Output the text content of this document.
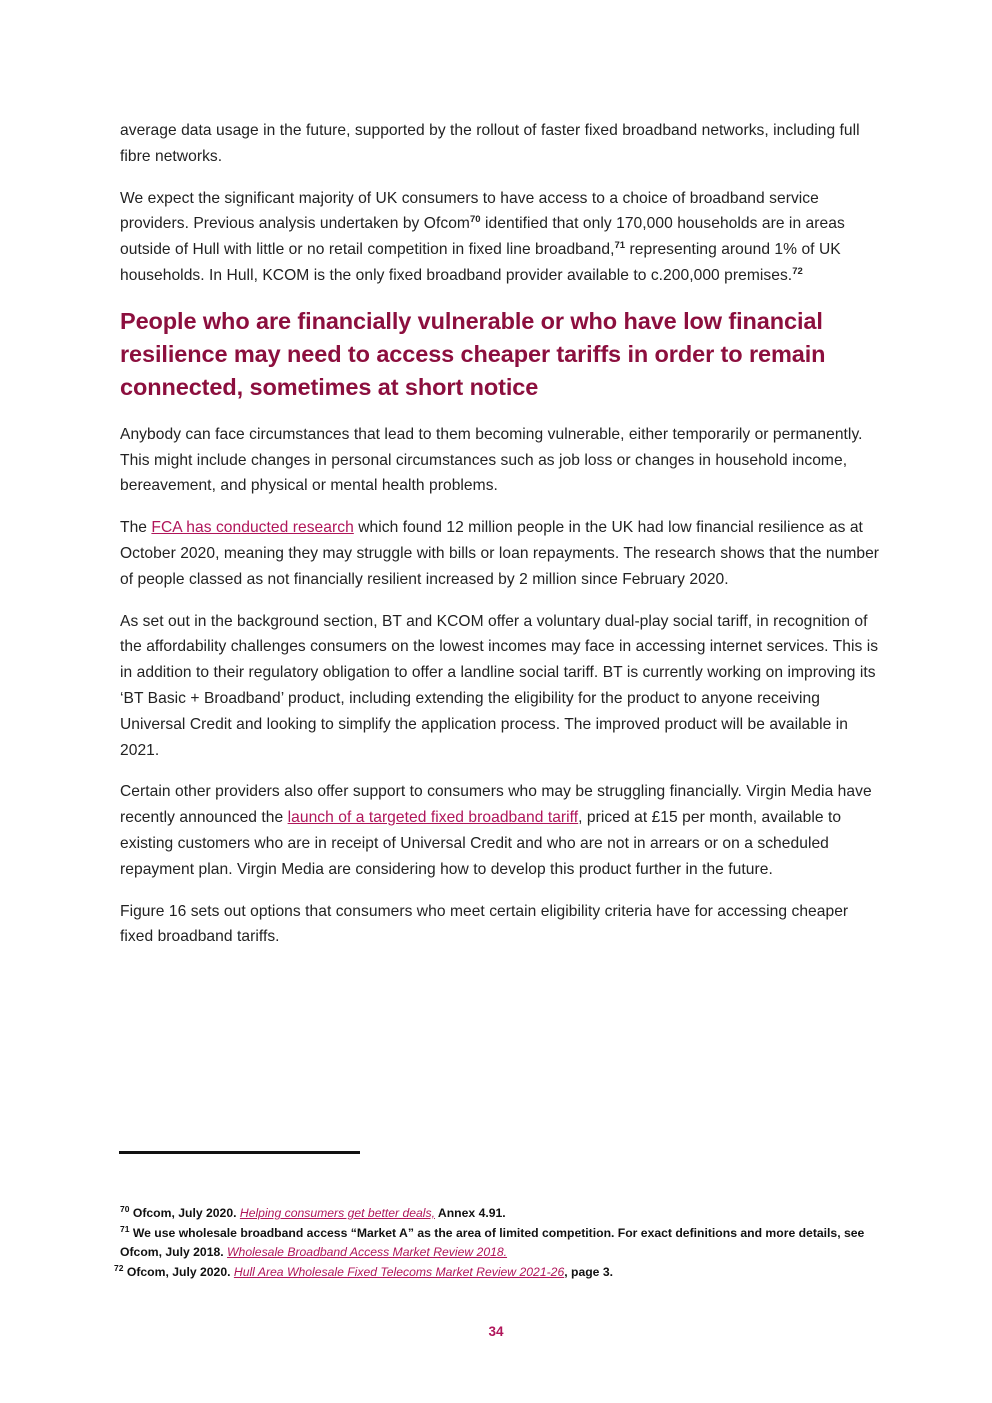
average data usage in the future, supported by the rollout of faster fixed broadband networks, including full fibre networks.

We expect the significant majority of UK consumers to have access to a choice of broadband service providers. Previous analysis undertaken by Ofcom$^{70}$ identified that only 170,000 households are in areas outside of Hull with little or no retail competition in fixed line broadband,$^{71}$ representing around 1% of UK households. In Hull, KCOM is the only fixed broadband provider available to c.200,000 premises.$^{72}$

People who are financially vulnerable or who have low financial resilience may need to access cheaper tariffs in order to remain connected, sometimes at short notice

Anybody can face circumstances that lead to them becoming vulnerable, either temporarily or permanently. This might include changes in personal circumstances such as job loss or changes in household income, bereavement, and physical or mental health problems.

The FCA has conducted research which found 12 million people in the UK had low financial resilience as at October 2020, meaning they may struggle with bills or loan repayments. The research shows that the number of people classed as not financially resilient increased by 2 million since February 2020.

As set out in the background section, BT and KCOM offer a voluntary dual-play social tariff, in recognition of the affordability challenges consumers on the lowest incomes may face in accessing internet services. This is in addition to their regulatory obligation to offer a landline social tariff. BT is currently working on improving its ‘BT Basic + Broadband’ product, including extending the eligibility for the product to anyone receiving Universal Credit and looking to simplify the application process. The improved product will be available in 2021.

Certain other providers also offer support to consumers who may be struggling financially. Virgin Media have recently announced the launch of a targeted fixed broadband tariff, priced at £15 per month, available to existing customers who are in receipt of Universal Credit and who are not in arrears or on a scheduled repayment plan. Virgin Media are considering how to develop this product further in the future.

Figure 16 sets out options that consumers who meet certain eligibility criteria have for accessing cheaper fixed broadband tariffs.

$^{70}$ Ofcom, July 2020. Helping consumers get better deals, Annex 4.91.

$^{71}$ We use wholesale broadband access “Market A” as the area of limited competition. For exact definitions and more details, see Ofcom, July 2018. Wholesale Broadband Access Market Review 2018.

$^{72}$ Ofcom, July 2020. Hull Area Wholesale Fixed Telecoms Market Review 2021-26, page 3.

34
